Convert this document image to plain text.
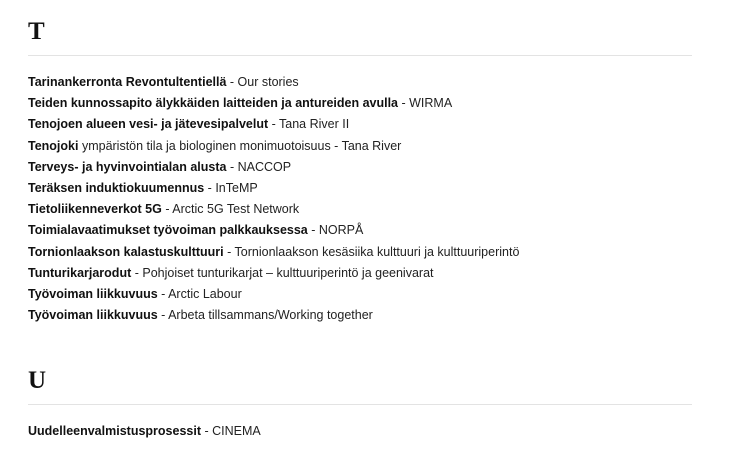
T
Tarinankerronta Revontultentiellä - Our stories
Teiden kunnossapito älykkäiden laitteiden ja antureiden avulla - WIRMA
Tenojoen alueen vesi- ja jätevesipalvelut - Tana River II
Tenojoki ympäristön tila ja biologinen monimuotoisuus - Tana River
Terveys- ja hyvinvointialan alusta - NACCOP
Teräksen induktiokuumennus - InTeMP
Tietoliikenneverkot 5G - Arctic 5G Test Network
Toimialavaatimukset työvoiman palkkauksessa - NORPÅ
Tornionlaakson kalastuskulttuuri - Tornionlaakson kesäsiika kulttuuri ja kulttuuriperintö
Tunturikarjarodut - Pohjoiset tunturikarjat – kulttuuriperintö ja geenivarat
Työvoiman liikkuvuus - Arctic Labour
Työvoiman liikkuvuus - Arbeta tillsammans/Working together
U
Uudelleenvalmistusprosessit - CINEMA
